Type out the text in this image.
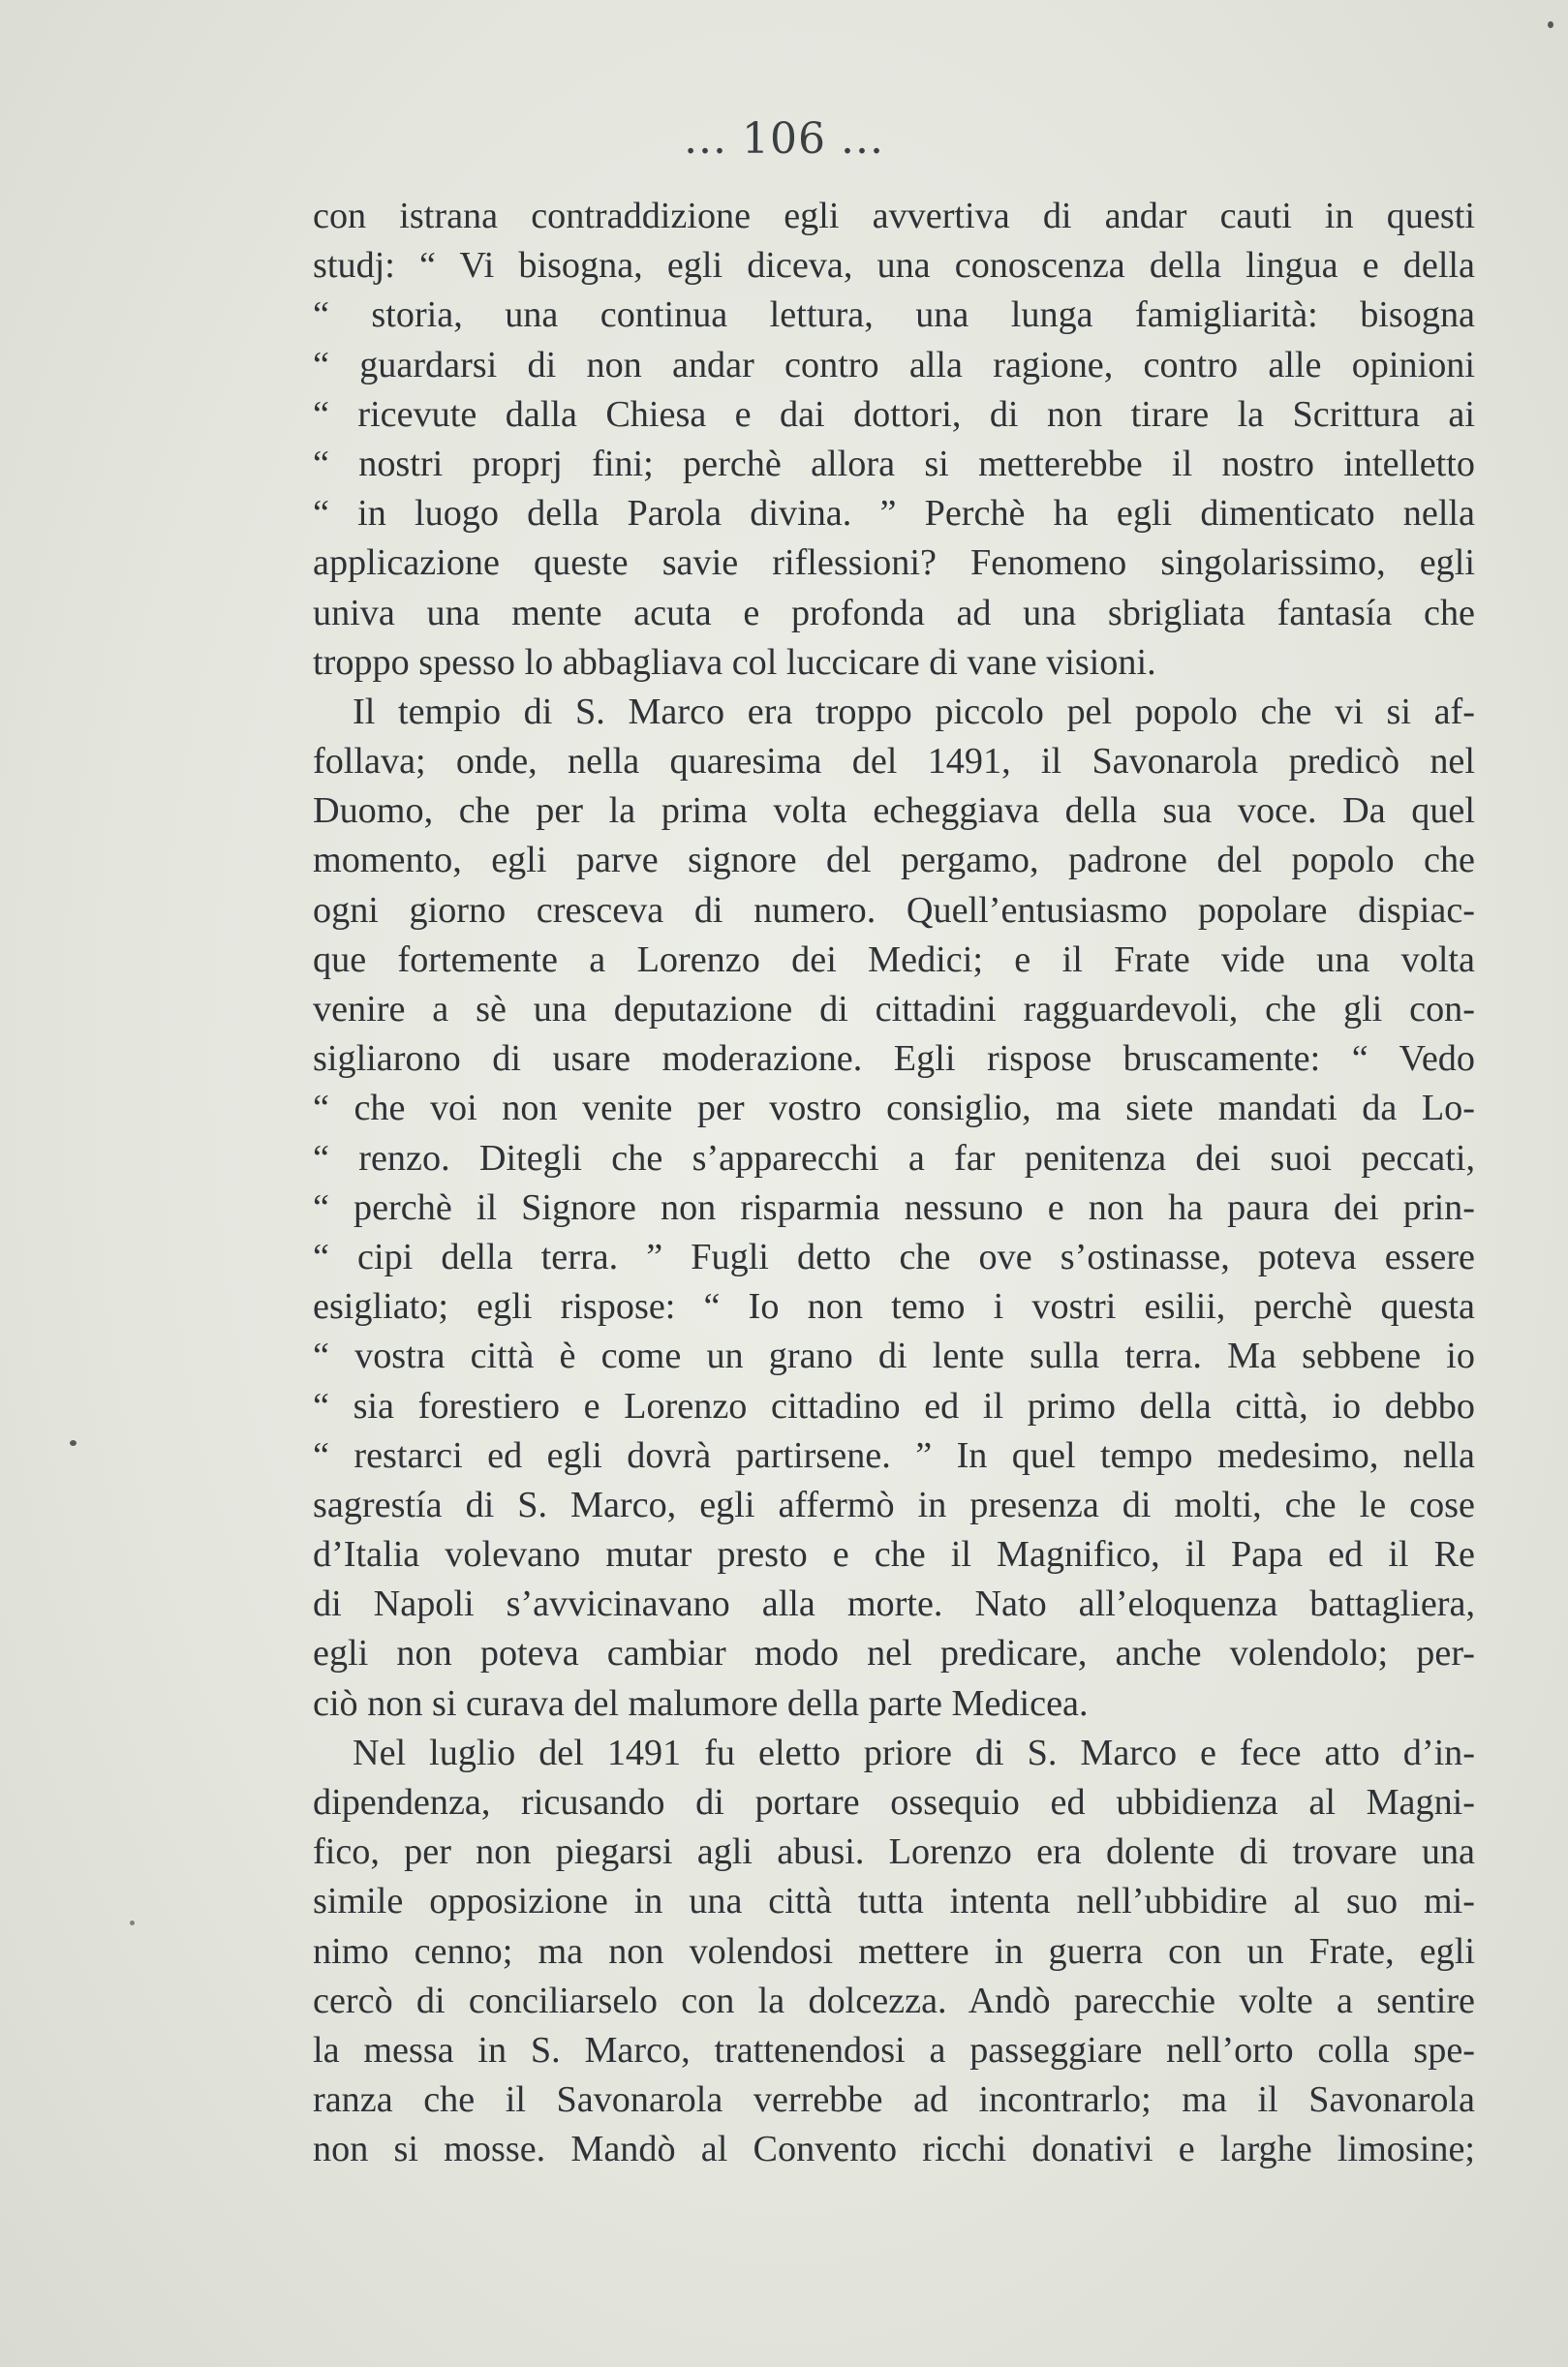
... 106 ...
con istrana contraddizione egli avvertiva di andar cauti in questi
studj: “ Vi bisogna, egli diceva, una conoscenza della lingua e della
“ storia, una continua lettura, una lunga famigliarità: bisogna
“ guardarsi di non andar contro alla ragione, contro alle opinioni
“ ricevute dalla Chiesa e dai dottori, di non tirare la Scrittura ai
“ nostri proprj fini; perchè allora si metterebbe il nostro intelletto
“ in luogo della Parola divina. ” Perchè ha egli dimenticato nella
applicazione queste savie riflessioni? Fenomeno singolarissimo, egli
univa una mente acuta e profonda ad una sbrigliata fantasía che
troppo spesso lo abbagliava col luccicare di vane visioni.
Il tempio di S. Marco era troppo piccolo pel popolo che vi si af-
follava; onde, nella quaresima del 1491, il Savonarola predicò nel
Duomo, che per la prima volta echeggiava della sua voce. Da quel
momento, egli parve signore del pergamo, padrone del popolo che
ogni giorno cresceva di numero. Quell’entusiasmo popolare dispiac-
que fortemente a Lorenzo dei Medici; e il Frate vide una volta
venire a sè una deputazione di cittadini ragguardevoli, che gli con-
sigliarono di usare moderazione. Egli rispose bruscamente: “ Vedo
“ che voi non venite per vostro consiglio, ma siete mandati da Lo-
“ renzo. Ditegli che s’apparecchi a far penitenza dei suoi peccati,
“ perchè il Signore non risparmia nessuno e non ha paura dei prin-
“ cipi della terra. ” Fugli detto che ove s’ostinasse, poteva essere
esigliato; egli rispose: “ Io non temo i vostri esilii, perchè questa
“ vostra città è come un grano di lente sulla terra. Ma sebbene io
“ sia forestiero e Lorenzo cittadino ed il primo della città, io debbo
“ restarci ed egli dovrà partirsene. ” In quel tempo medesimo, nella
sagrestía di S. Marco, egli affermò in presenza di molti, che le cose
d’Italia volevano mutar presto e che il Magnifico, il Papa ed il Re
di Napoli s’avvicinavano alla morte. Nato all’eloquenza battagliera,
egli non poteva cambiar modo nel predicare, anche volendolo; per-
ciò non si curava del malumore della parte Medicea.
Nel luglio del 1491 fu eletto priore di S. Marco e fece atto d’in-
dipendenza, ricusando di portare ossequio ed ubbidienza al Magni-
fico, per non piegarsi agli abusi. Lorenzo era dolente di trovare una
simile opposizione in una città tutta intenta nell’ubbidire al suo mi-
nimo cenno; ma non volendosi mettere in guerra con un Frate, egli
cercò di conciliarselo con la dolcezza. Andò parecchie volte a sentire
la messa in S. Marco, trattenendosi a passeggiare nell’orto colla spe-
ranza che il Savonarola verrebbe ad incontrarlo; ma il Savonarola
non si mosse. Mandò al Convento ricchi donativi e larghe limosine;
